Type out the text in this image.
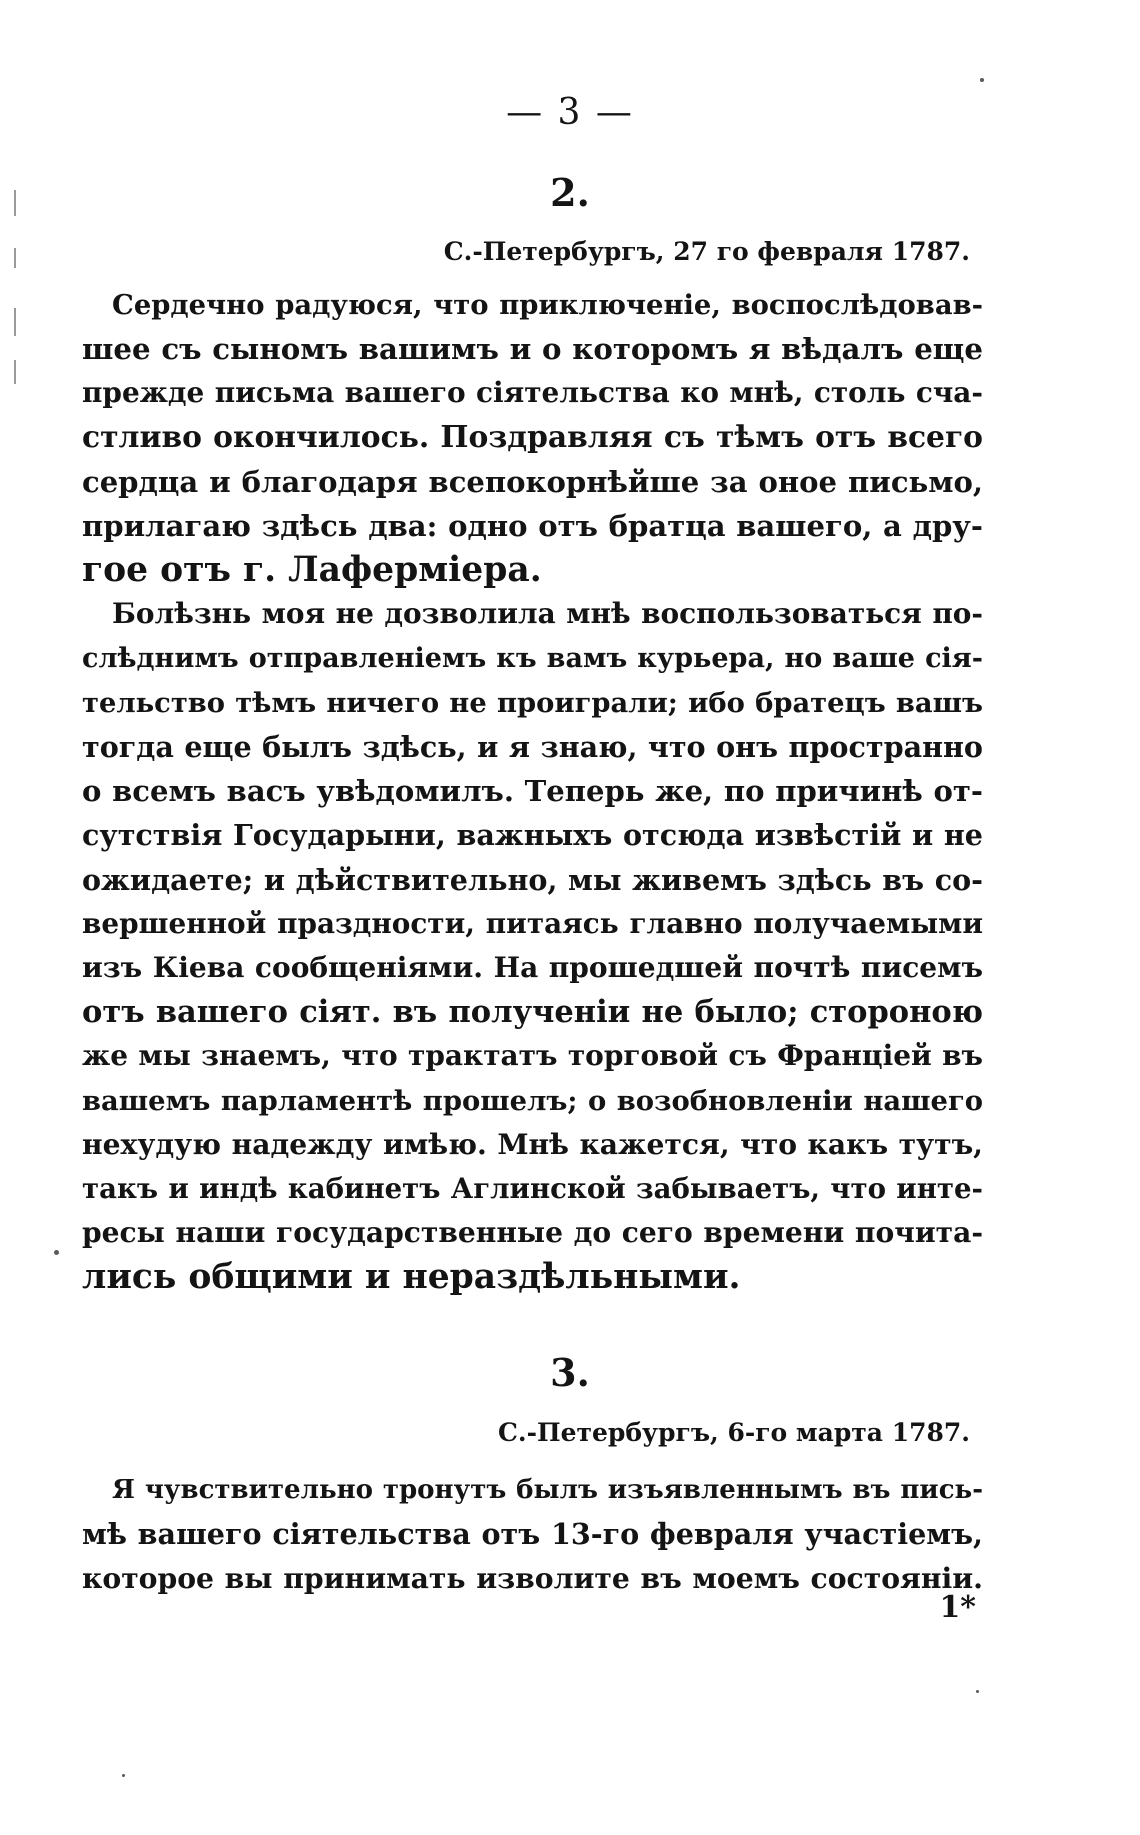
— 3 —
2.
С.-Петербургъ, 27 го февраля 1787.
Сердечно радуюся, что приключеніе, воспослѣдовав-
шее съ сыномъ вашимъ и о которомъ я вѣдалъ еще
прежде письма вашего сіятельства ко мнѣ, столь сча-
стливо окончилось. Поздравляя съ тѣмъ отъ всего
сердца и благодаря всепокорнѣйше за оное письмо,
прилагаю здѣсь два: одно отъ братца вашего, а дру-
гое отъ г. Лаферміера.
Болѣзнь моя не дозволила мнѣ воспользоваться по-
слѣднимъ отправленіемъ къ вамъ курьера, но ваше сія-
тельство тѣмъ ничего не проиграли; ибо братецъ вашъ
тогда еще былъ здѣсь, и я знаю, что онъ пространно
о всемъ васъ увѣдомилъ. Теперь же, по причинѣ от-
сутствія Государыни, важныхъ отсюда извѣстій и не
ожидаете; и дѣйствительно, мы живемъ здѣсь въ со-
вершенной праздности, питаясь главно получаемыми
изъ Кіева сообщеніями. На прошедшей почтѣ писемъ
отъ вашего сіят. въ полученіи не было; стороною
же мы знаемъ, что трактатъ торговой съ Франціей въ
вашемъ парламентѣ прошелъ; о возобновленіи нашего
нехудую надежду имѣю. Мнѣ кажется, что какъ тутъ,
такъ и индѣ кабинетъ Аглинской забываетъ, что инте-
ресы наши государственные до сего времени почита-
лись общими и нераздѣльными.
3.
С.-Петербургъ, 6-го марта 1787.
Я чувствительно тронутъ былъ изъявленнымъ въ пись-
мѣ вашего сіятельства отъ 13-го февраля участіемъ,
которое вы принимать изволите въ моемъ состояніи.
1*
